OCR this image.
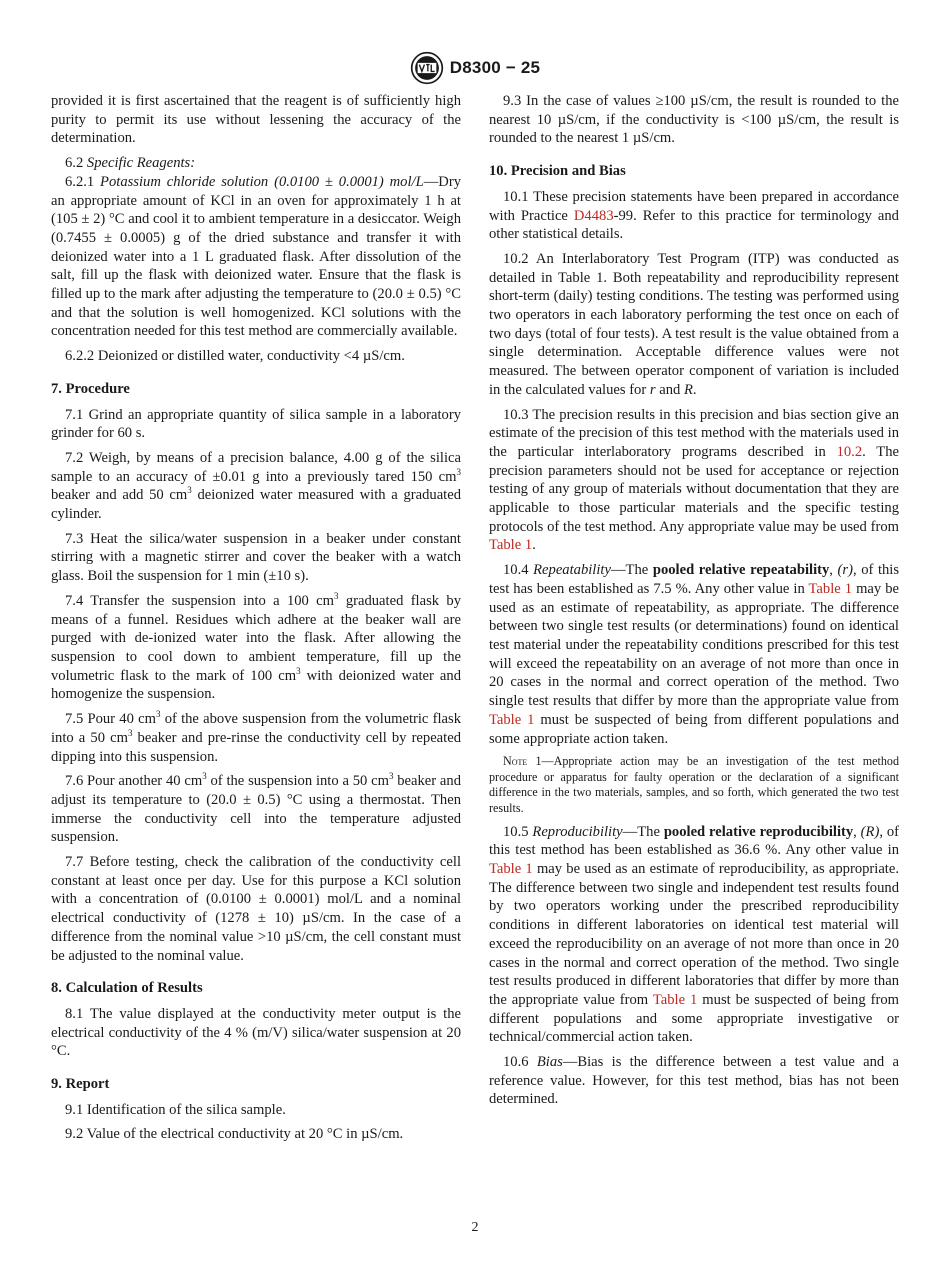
D8300 − 25

provided it is first ascertained that the reagent is of sufficiently high purity to permit its use without lessening the accuracy of the determination.

6.2 Specific Reagents:

6.2.1 Potassium chloride solution (0.0100 ± 0.0001) mol/L—Dry an appropriate amount of KCl in an oven for approximately 1 h at (105 ± 2) °C and cool it to ambient temperature in a desiccator. Weigh (0.7455 ± 0.0005) g of the dried substance and transfer it with deionized water into a 1 L graduated flask. After dissolution of the salt, fill up the flask with deionized water. Ensure that the flask is filled up to the mark after adjusting the temperature to (20.0 ± 0.5) °C and that the solution is well homogenized. KCl solutions with the concentration needed for this test method are commercially available.

6.2.2 Deionized or distilled water, conductivity <4 µS/cm.

7. Procedure

7.1 Grind an appropriate quantity of silica sample in a laboratory grinder for 60 s.

7.2 Weigh, by means of a precision balance, 4.00 g of the silica sample to an accuracy of ±0.01 g into a previously tared 150 $cm^3$ beaker and add 50 $cm^3$ deionized water measured with a graduated cylinder.

7.3 Heat the silica/water suspension in a beaker under constant stirring with a magnetic stirrer and cover the beaker with a watch glass. Boil the suspension for 1 min (±10 s).

7.4 Transfer the suspension into a 100 $cm^3$ graduated flask by means of a funnel. Residues which adhere at the beaker wall are purged with de-ionized water into the flask. After allowing the suspension to cool down to ambient temperature, fill up the volumetric flask to the mark of 100 $cm^3$ with deionized water and homogenize the suspension.

7.5 Pour 40 $cm^3$ of the above suspension from the volumetric flask into a 50 $cm^3$ beaker and pre-rinse the conductivity cell by repeated dipping into this suspension.

7.6 Pour another 40 $cm^3$ of the suspension into a 50 $cm^3$ beaker and adjust its temperature to (20.0 ± 0.5) °C using a thermostat. Then immerse the conductivity cell into the temperature adjusted suspension.

7.7 Before testing, check the calibration of the conductivity cell constant at least once per day. Use for this purpose a KCl solution with a concentration of (0.0100 ± 0.0001) mol/L and a nominal electrical conductivity of (1278 ± 10) µS/cm. In the case of a difference from the nominal value >10 µS/cm, the cell constant must be adjusted to the nominal value.

8. Calculation of Results

8.1 The value displayed at the conductivity meter output is the electrical conductivity of the 4 % (m/V) silica/water suspension at 20 °C.

9. Report

9.1 Identification of the silica sample.

9.2 Value of the electrical conductivity at 20 °C in µS/cm.

9.3 In the case of values ≥100 µS/cm, the result is rounded to the nearest 10 µS/cm, if the conductivity is <100 µS/cm, the result is rounded to the nearest 1 µS/cm.

10. Precision and Bias

10.1 These precision statements have been prepared in accordance with Practice D4483-99. Refer to this practice for terminology and other statistical details.

10.2 An Interlaboratory Test Program (ITP) was conducted as detailed in Table 1. Both repeatability and reproducibility represent short-term (daily) testing conditions. The testing was performed using two operators in each laboratory performing the test once on each of two days (total of four tests). A test result is the value obtained from a single determination. Acceptable difference values were not measured. The between operator component of variation is included in the calculated values for r and R.

10.3 The precision results in this precision and bias section give an estimate of the precision of this test method with the materials used in the particular interlaboratory programs described in 10.2. The precision parameters should not be used for acceptance or rejection testing of any group of materials without documentation that they are applicable to those particular materials and the specific testing protocols of the test method. Any appropriate value may be used from Table 1.

10.4 Repeatability—The pooled relative repeatability, (r), of this test has been established as 7.5 %. Any other value in Table 1 may be used as an estimate of repeatability, as appropriate. The difference between two single test results (or determinations) found on identical test material under the repeatability conditions prescribed for this test will exceed the repeatability on an average of not more than once in 20 cases in the normal and correct operation of the method. Two single test results that differ by more than the appropriate value from Table 1 must be suspected of being from different populations and some appropriate action taken.

Note 1—Appropriate action may be an investigation of the test method procedure or apparatus for faulty operation or the declaration of a significant difference in the two materials, samples, and so forth, which generated the two test results.

10.5 Reproducibility—The pooled relative reproducibility, (R), of this test method has been established as 36.6 %. Any other value in Table 1 may be used as an estimate of reproducibility, as appropriate. The difference between two single and independent test results found by two operators working under the prescribed reproducibility conditions in different laboratories on identical test material will exceed the reproducibility on an average of not more than once in 20 cases in the normal and correct operation of the method. Two single test results produced in different laboratories that differ by more than the appropriate value from Table 1 must be suspected of being from different populations and some appropriate investigative or technical/commercial action taken.

10.6 Bias—Bias is the difference between a test value and a reference value. However, for this test method, bias has not been determined.

2
